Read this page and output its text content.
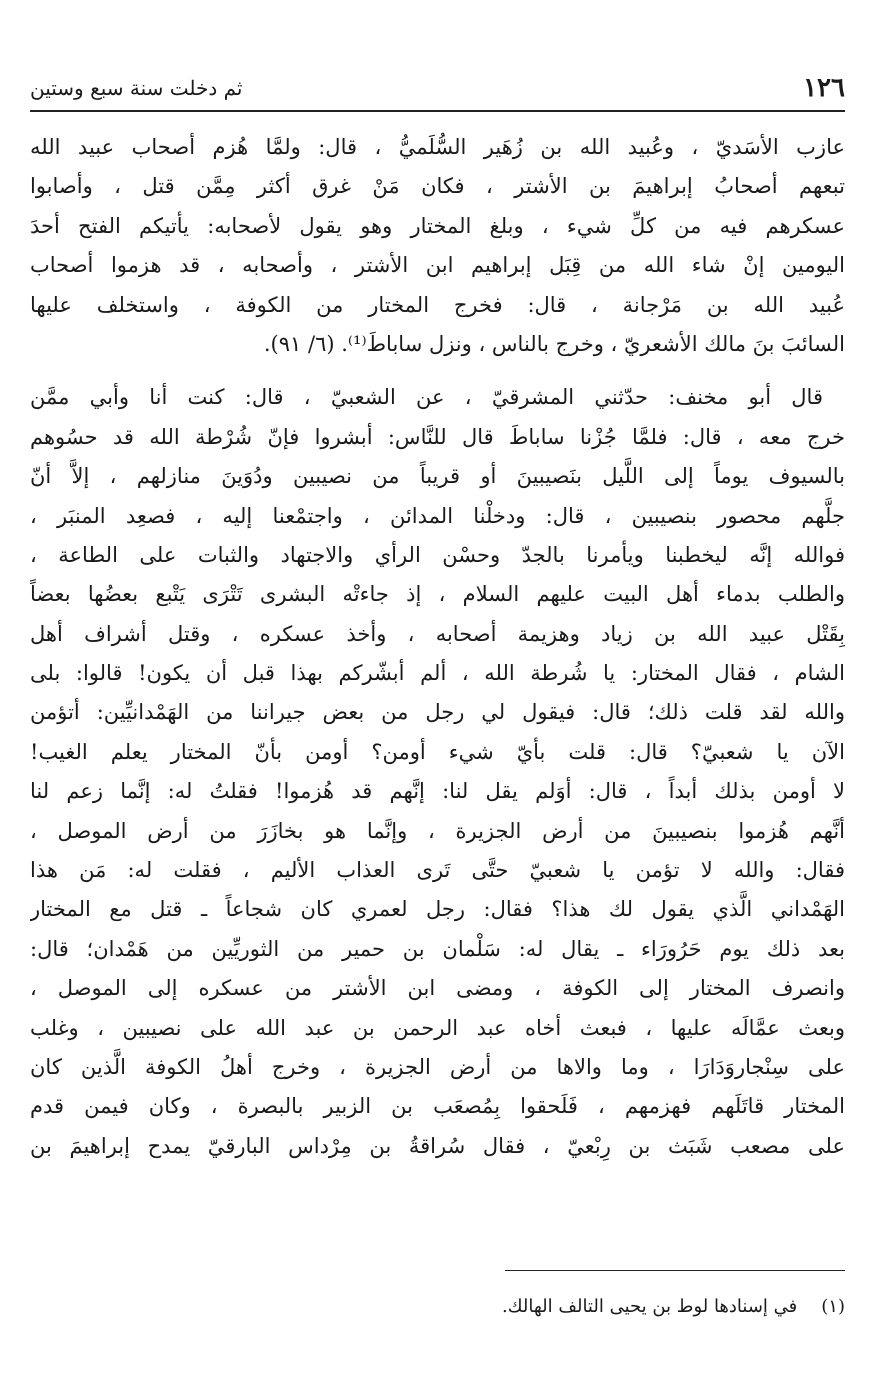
١٢٦
ثم دخلت سنة سبع وستين
عازب الأسَديّ ، وعُبيد الله بن زُهَير السُّلَميُّ ، قال: ولمَّا هُزم أصحاب عبيد الله
تبعهم أصحابُ إبراهيمَ بن الأشتر ، فكان مَنْ غرق أكثر مِمَّن قتل ، وأصابوا
عسكرهم فيه من كلِّ شيء ، وبلغ المختار وهو يقول لأصحابه: يأتيكم الفتح أحدَ
اليومين إنْ شاء الله من قِبَل إبراهيم ابن الأشتر ، وأصحابه ، قد هزموا أصحاب
عُبيد الله بن مَرْجانة ، قال: فخرج المختار من الكوفة ، واستخلف عليها
السائبَ بنَ مالك الأشعريّ ، وخرج بالناس ، ونزل ساباطَ⁽¹⁾. (٦/ ٩١).
قال أبو مخنف: حدّثني المشرقيّ ، عن الشعبيّ ، قال: كنت أنا وأبي ممَّن
خرج معه ، قال: فلمَّا جُزْنا ساباطَ قال للنَّاس: أبشروا فإنّ شُرْطة الله قد حسُوهم
بالسيوف يوماً إلى اللَّيل بنَصيبينَ أو قريباً من نصيبين ودُوَينَ منازلهم ، إلاَّ أنّ
جلَّهم محصور بنصيبين ، قال: ودخلْنا المدائن ، واجتمْعنا إليه ، فصعِد المنبَر ،
فوالله إنَّه ليخطبنا ويأمرنا بالجدّ وحسْن الرأي والاجتهاد والثبات على الطاعة ،
والطلب بدماء أهل البيت عليهم السلام ، إذ جاءتْه البشرى تَتْرَى يَتْبع بعضُها بعضاً
بِقَتْل عبيد الله بن زياد وهزيمة أصحابه ، وأخذ عسكره ، وقتل أشراف أهل
الشام ، فقال المختار: يا شُرطة الله ، ألم أبشّركم بهذا قبل أن يكون! قالوا: بلى
والله لقد قلت ذلك؛ قال: فيقول لي رجل من بعض جيراننا من الهَمْدانيِّين: أتؤمن
الآن يا شعبيّ؟ قال: قلت بأيّ شيء أومن؟ أومن بأنّ المختار يعلم الغيب!
لا أومن بذلك أبداً ، قال: أوَلم يقل لنا: إنَّهم قد هُزموا! فقلتُ له: إنَّما زعم لنا
أنَّهم هُزموا بنصيبينَ من أرض الجزيرة ، وإنَّما هو بخازَرَ من أرض الموصل ،
فقال: والله لا تؤمن يا شعبيّ حتَّى تَرى العذاب الأليم ، فقلت له: مَن هذا
الهَمْداني الَّذي يقول لك هذا؟ فقال: رجل لعمري كان شجاعاً ـ قتل مع المختار
بعد ذلك يوم حَرُورَاء ـ يقال له: سَلْمان بن حمير من الثوريِّين من هَمْدان؛ قال:
وانصرف المختار إلى الكوفة ، ومضى ابن الأشتر من عسكره إلى الموصل ،
وبعث عمَّالَه عليها ، فبعث أخاه عبد الرحمن بن عبد الله على نصيبين ، وغلب
على سِنْجاروَدَارَا ، وما والاها من أرض الجزيرة ، وخرج أهلُ الكوفة الَّذين كان
المختار قاتَلَهم فهزمهم ، فَلَحقوا بِمُصعَب بن الزبير بالبصرة ، وكان فيمن قدم
على مصعب شَبَث بن رِبْعيّ ، فقال سُراقةُ بن مِرْداس البارقيّ يمدح إبراهيمَ بن
(١)
في إسنادها لوط بن يحيى التالف الهالك.
